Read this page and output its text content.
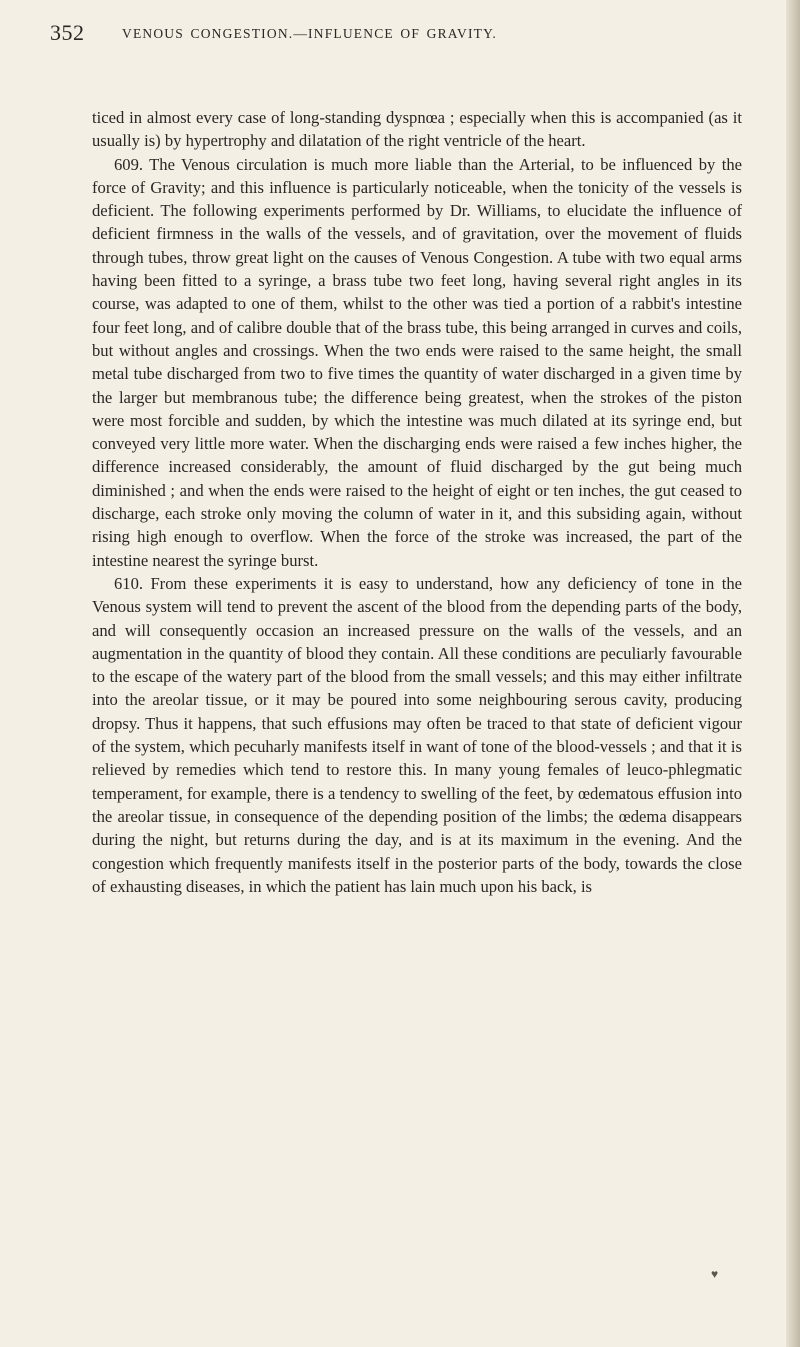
352	VENOUS CONGESTION.—INFLUENCE OF GRAVITY.

ticed in almost every case of long-standing dyspnœa ; especially when this is accompanied (as it usually is) by hypertrophy and dilatation of the right ventricle of the heart.

609. The Venous circulation is much more liable than the Arterial, to be influenced by the force of Gravity; and this influence is particularly noticeable, when the tonicity of the vessels is deficient. The following experiments performed by Dr. Williams, to elucidate the influence of deficient firmness in the walls of the vessels, and of gravitation, over the movement of fluids through tubes, throw great light on the causes of Venous Congestion. A tube with two equal arms having been fitted to a syringe, a brass tube two feet long, having several right angles in its course, was adapted to one of them, whilst to the other was tied a portion of a rabbit's intestine four feet long, and of calibre double that of the brass tube, this being arranged in curves and coils, but without angles and crossings. When the two ends were raised to the same height, the small metal tube discharged from two to five times the quantity of water discharged in a given time by the larger but membranous tube; the difference being greatest, when the strokes of the piston were most forcible and sudden, by which the intestine was much dilated at its syringe end, but conveyed very little more water. When the discharging ends were raised a few inches higher, the difference increased considerably, the amount of fluid discharged by the gut being much diminished ; and when the ends were raised to the height of eight or ten inches, the gut ceased to discharge, each stroke only moving the column of water in it, and this subsiding again, without rising high enough to overflow. When the force of the stroke was increased, the part of the intestine nearest the syringe burst.

610. From these experiments it is easy to understand, how any deficiency of tone in the Venous system will tend to prevent the ascent of the blood from the depending parts of the body, and will consequently occasion an increased pressure on the walls of the vessels, and an augmentation in the quantity of blood they contain. All these conditions are peculiarly favourable to the escape of the watery part of the blood from the small vessels; and this may either infiltrate into the areolar tissue, or it may be poured into some neighbouring serous cavity, producing dropsy. Thus it happens, that such effusions may often be traced to that state of deficient vigour of the system, which pecuharly manifests itself in want of tone of the blood-vessels ; and that it is relieved by remedies which tend to restore this. In many young females of leuco-phlegmatic temperament, for example, there is a tendency to swelling of the feet, by œdematous effusion into the areolar tissue, in consequence of the depending position of the limbs; the œdema disappears during the night, but returns during the day, and is at its maximum in the evening. And the congestion which frequently manifests itself in the posterior parts of the body, towards the close of exhausting diseases, in which the patient has lain much upon his back, is

♥
